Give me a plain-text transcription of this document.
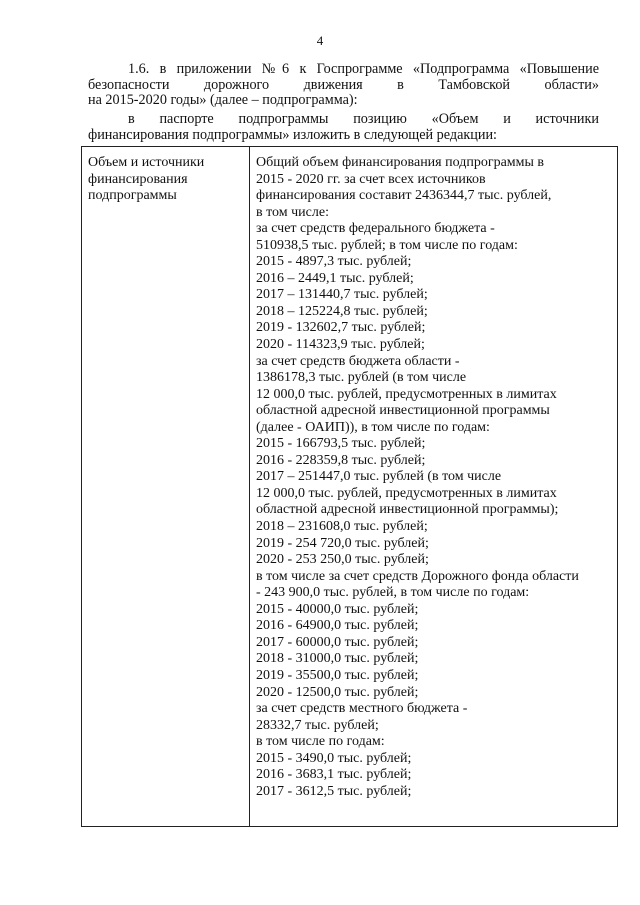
4
1.6. в приложении №6 к Госпрограмме «Подпрограмма «Повышение
безопасности дорожного движения в Тамбовской области»
на 2015-2020 годы» (далее – подпрограмма):
в паспорте подпрограммы позицию «Объем и источники
финансирования подпрограммы» изложить в следующей редакции:
Объем и источники
финансирования
подпрограммы
Общий объем финансирования подпрограммы в
2015 - 2020 гг. за счет всех источников
финансирования составит 2436344,7 тыс. рублей,
в том числе:
за счет средств федерального бюджета -
510938,5 тыс. рублей; в том числе по годам:
2015 - 4897,3 тыс. рублей;
2016 – 2449,1 тыс. рублей;
2017 – 131440,7 тыс. рублей;
2018 – 125224,8 тыс. рублей;
2019 - 132602,7 тыс. рублей;
2020 - 114323,9 тыс. рублей;
за счет средств бюджета области -
1386178,3 тыс. рублей (в том числе
12 000,0 тыс. рублей, предусмотренных в лимитах
областной адресной инвестиционной программы
(далее - ОАИП)), в том числе по годам:
2015 - 166793,5 тыс. рублей;
2016 - 228359,8 тыс. рублей;
2017 – 251447,0 тыс. рублей (в том числе
12 000,0 тыс. рублей, предусмотренных в лимитах
областной адресной инвестиционной программы);
2018 – 231608,0 тыс. рублей;
2019 - 254 720,0 тыс. рублей;
2020 - 253 250,0 тыс. рублей;
в том числе за счет средств Дорожного фонда области
- 243 900,0 тыс. рублей, в том числе по годам:
2015 - 40000,0 тыс. рублей;
2016 - 64900,0 тыс. рублей;
2017 - 60000,0 тыс. рублей;
2018 - 31000,0 тыс. рублей;
2019 - 35500,0 тыс. рублей;
2020 - 12500,0 тыс. рублей;
за счет средств местного бюджета -
28332,7 тыс. рублей;
в том числе по годам:
2015 - 3490,0 тыс. рублей;
2016 - 3683,1 тыс. рублей;
2017 - 3612,5 тыс. рублей;
